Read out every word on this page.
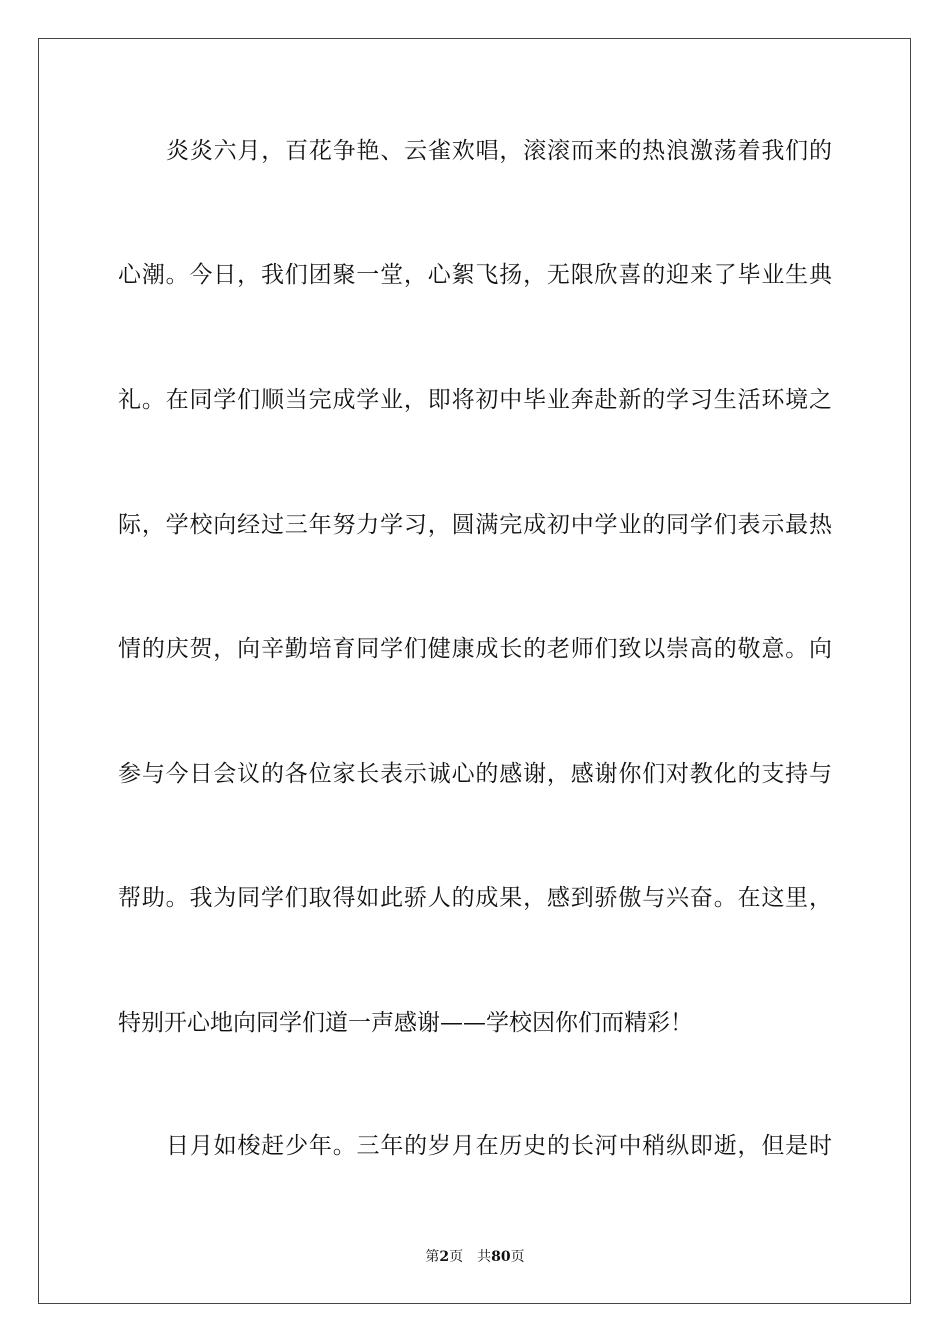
炎炎六月，百花争艳、云雀欢唱，滚滚而来的热浪激荡着我们的
心潮。今日，我们团聚一堂，心絮飞扬，无限欣喜的迎来了毕业生典
礼。在同学们顺当完成学业，即将初中毕业奔赴新的学习生活环境之
际，学校向经过三年努力学习，圆满完成初中学业的同学们表示最热
情的庆贺，向辛勤培育同学们健康成长的老师们致以崇高的敬意。向
参与今日会议的各位家长表示诚心的感谢，感谢你们对教化的支持与
帮助。我为同学们取得如此骄人的成果，感到骄傲与兴奋。在这里，
特别开心地向同学们道一声感谢——学校因你们而精彩！
日月如梭赶少年。三年的岁月在历史的长河中稍纵即逝，但是时
第2页 共80页
